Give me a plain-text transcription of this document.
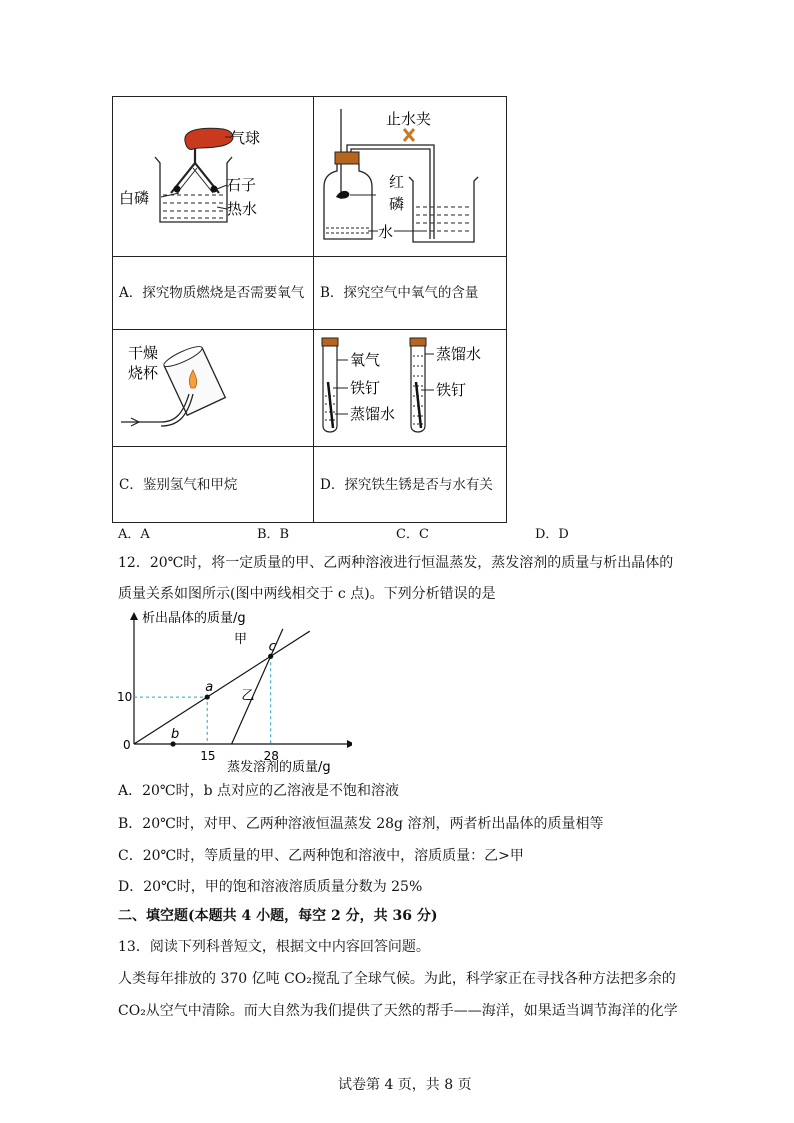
气球
石子
白磷
热水	止水夹
红
磷
水

A．探究物质燃烧是否需要氧气	B．探究空气中氧气的含量

干燥
烧杯	氧气
铁钉
蒸馏水
蒸馏水
铁钉

C．鉴别氢气和甲烷	D．探究铁生锈是否与水有关
A．A	B．B	C．C	D．D
12．20℃时，将一定质量的甲、乙两种溶液进行恒温蒸发，蒸发溶剂的质量与析出晶体的
质量关系如图所示(图中两线相交于 c 点)。下列分析错误的是
析出晶体的质量/g
蒸发溶剂的质量/g
0
15	28
10
甲
乙
a
b
c
A．20℃时，b 点对应的乙溶液是不饱和溶液
B．20℃时，对甲、乙两种溶液恒温蒸发 28g 溶剂，两者析出晶体的质量相等
C．20℃时，等质量的甲、乙两种饱和溶液中，溶质质量：乙>甲
D．20℃时，甲的饱和溶液溶质质量分数为 25%
二、填空题(本题共 4 小题，每空 2 分，共 36 分)
13．阅读下列科普短文，根据文中内容回答问题。
人类每年排放的 370 亿吨 CO₂搅乱了全球气候。为此，科学家正在寻找各种方法把多余的
CO₂从空气中清除。而大自然为我们提供了天然的帮手——海洋，如果适当调节海洋的化学
试卷第 4 页，共 8 页
